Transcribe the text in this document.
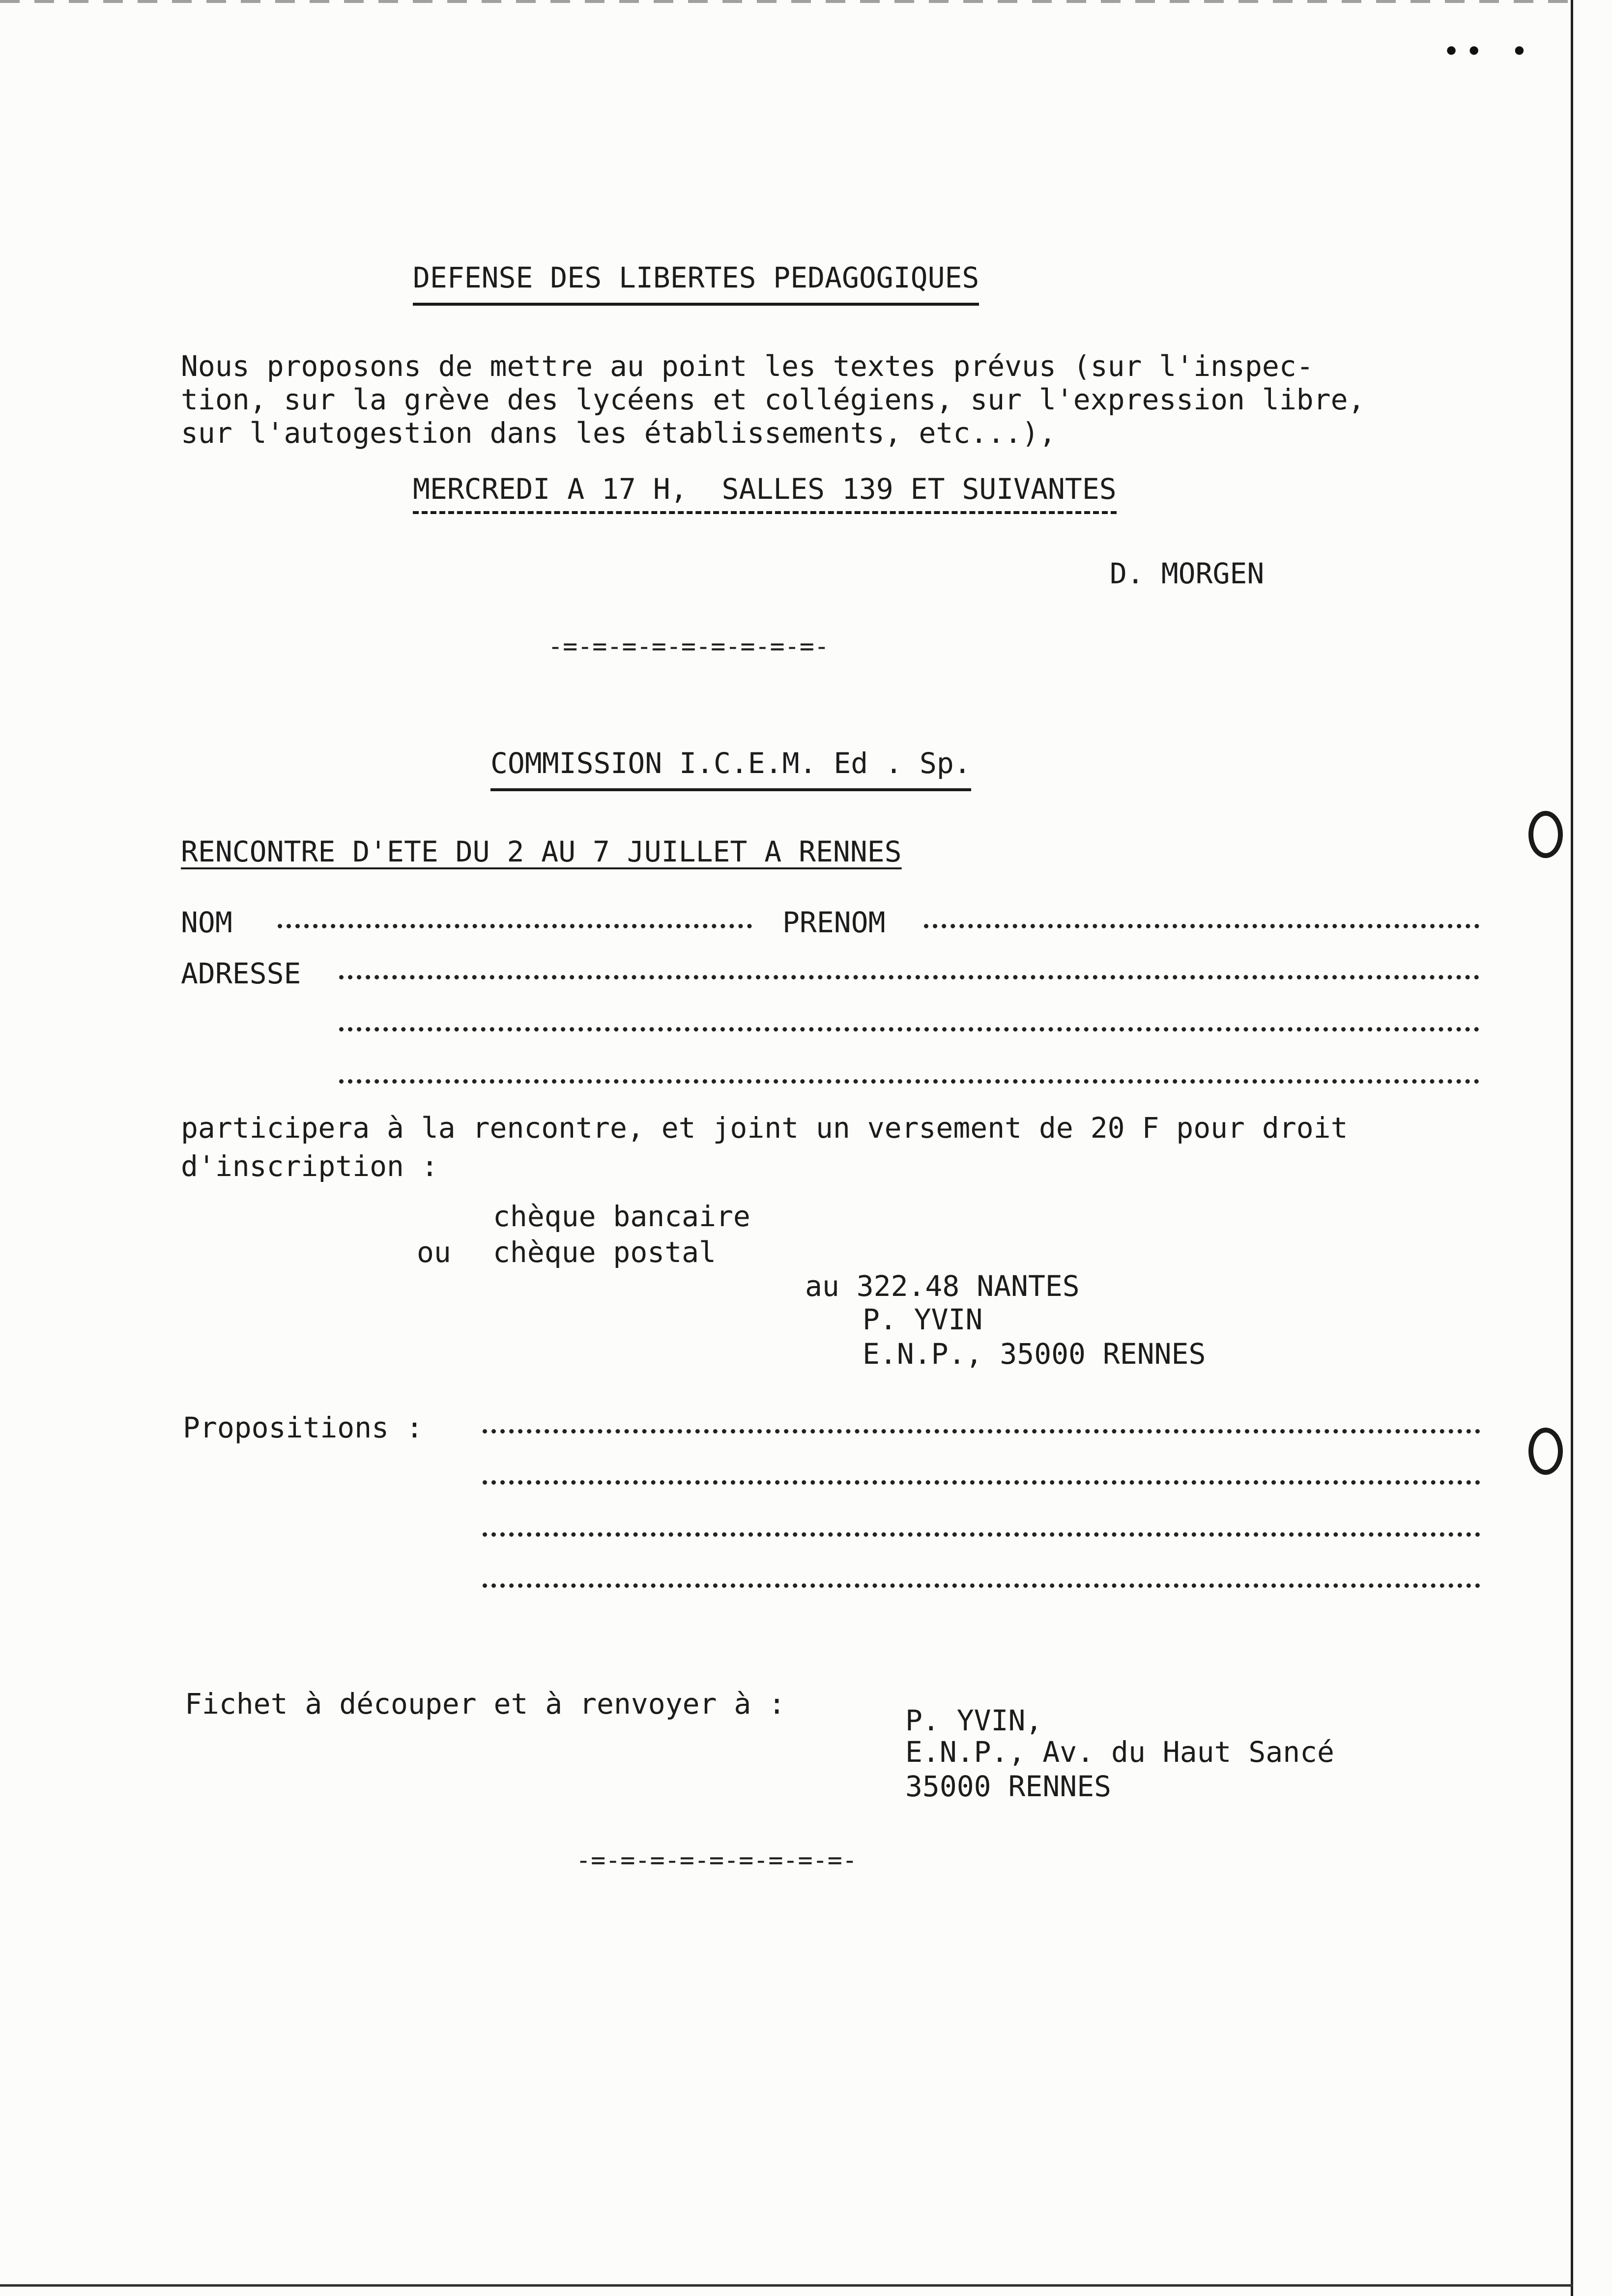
•• •
DEFENSE DES LIBERTES PEDAGOGIQUES
Nous proposons de mettre au point les textes prévus (sur l'inspec-
tion, sur la grève des lycéens et collégiens, sur l'expression libre,
sur l'autogestion dans les établissements, etc...),
MERCREDI A 17 H,  SALLES 139 ET SUIVANTES
D. MORGEN
-=-=-=-=-=-=-=-=-=-
COMMISSION I.C.E.M. Ed . Sp.
RENCONTRE D'ETE DU 2 AU 7 JUILLET A RENNES
NOM	PRENOM
ADRESSE
participera à la rencontre, et joint un versement de 20 F pour droit
d'inscription :
chèque bancaire
ou chèque postal
au 322.48 NANTES
P. YVIN
E.N.P., 35000 RENNES
Propositions :
Fichet à découper et à renvoyer à :	P. YVIN,
E.N.P., Av. du Haut Sancé
35000 RENNES
-=-=-=-=-=-=-=-=-=-
